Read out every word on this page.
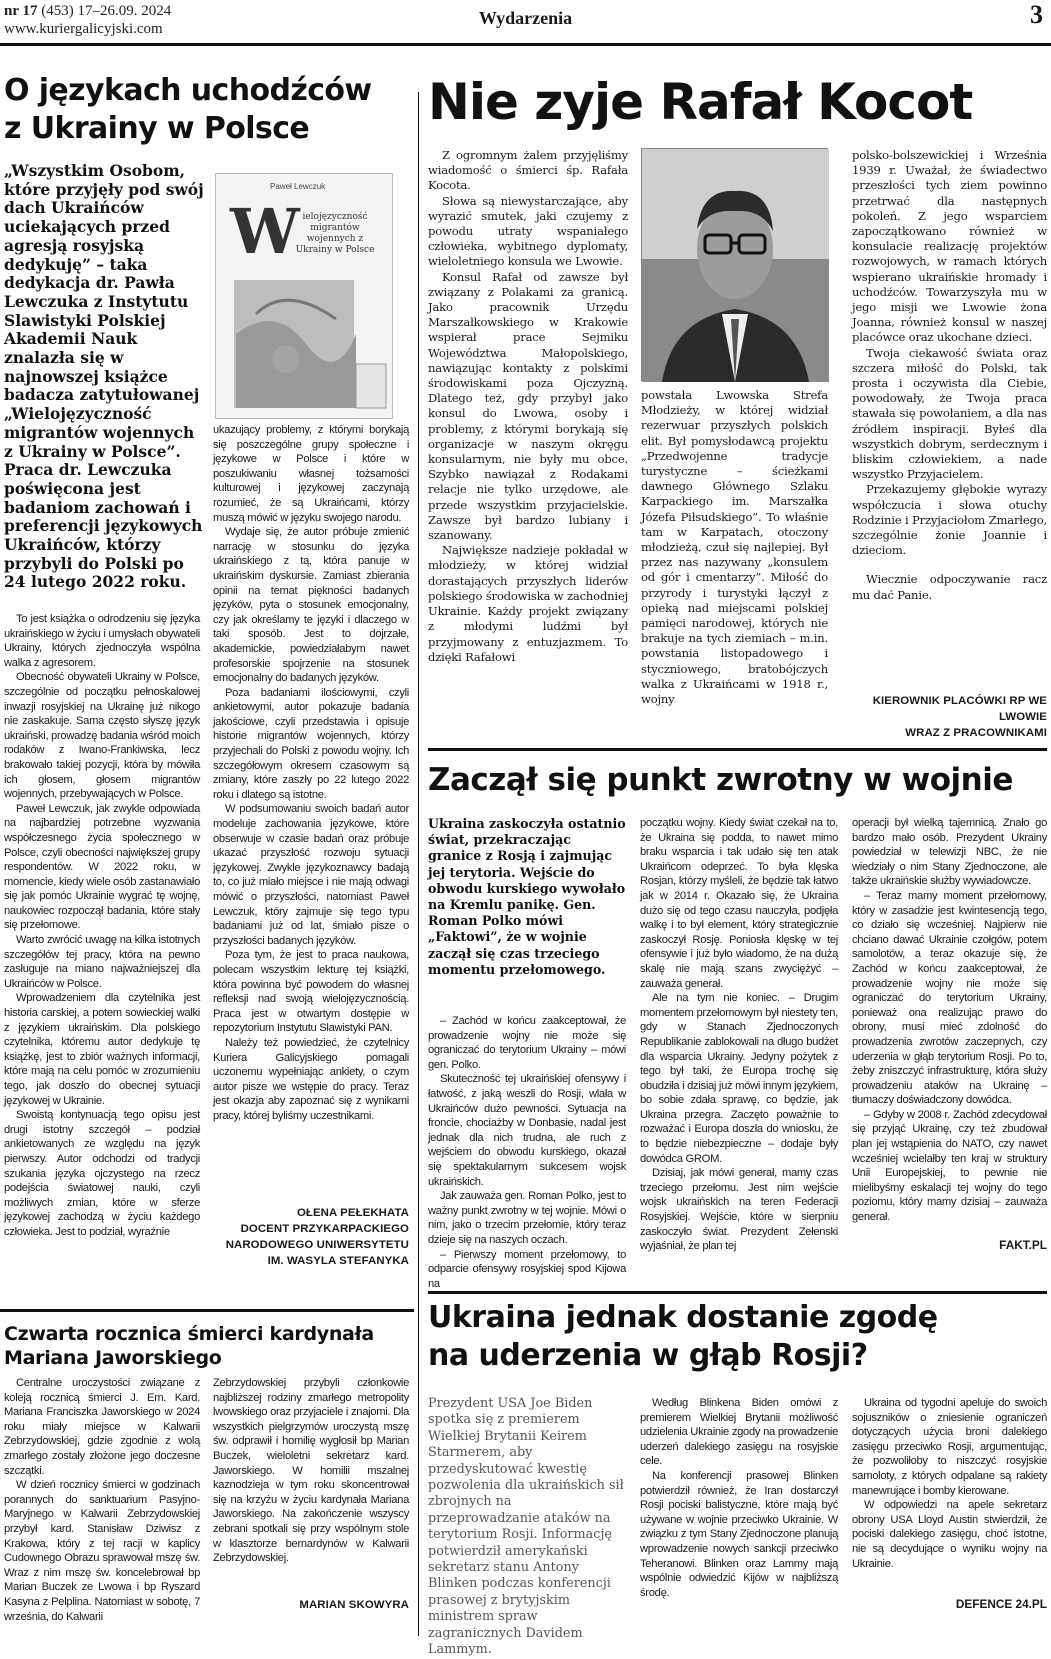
nr 17 (453) 17–26.09. 2024
www.kuriergalicyjski.com
Wydarzenia	3
O językach uchodźców
z Ukrainy w Polsce
„Wszystkim Osobom, które przyjęły pod swój dach Ukraińców uciekających przed agresją rosyjską dedykuję” – taka dedykacja dr. Pawła Lewczuka z Instytutu Slawistyki Polskiej Akademii Nauk znalazła się w najnowszej książce badacza zatytułowanej „Wielojęzyczność migrantów wojennych z Ukrainy w Polsce”. Praca dr. Lewczuka poświęcona jest badaniom zachowań i preferencji językowych Ukraińców, którzy przybyli do Polski po 24 lutego 2022 roku.
Paweł Lewczuk
W ielojęzyczność migrantów wojennych z Ukrainy w Polsce

To jest książka o odrodzeniu się języka ukraińskiego w życiu i umysłach obywateli Ukrainy, których zjednoczyła wspólna walka z agresorem.

Obecność obywateli Ukrainy w Polsce, szczególnie od początku pełnoskalowej inwazji rosyjskiej na Ukrainę już nikogo nie zaskakuje. Sama często słyszę język ukraiński, prowadzę badania wśród moich rodaków z Iwano-Frankiwska, lecz brakowało takiej pozycji, która by mówiła ich głosem, głosem migrantów wojennych, przebywających w Polsce.

Paweł Lewczuk, jak zwykle odpowiada na najbardziej potrzebne wyzwania współczesnego życia społecznego w Polsce, czyli obecności największej grupy respondentów. W 2022 roku, w momencie, kiedy wiele osób zastanawiało się jak pomóc Ukrainie wygrać tę wojnę, naukowiec rozpoczął badania, które stały się przełomowe.

Warto zwrócić uwagę na kilka istotnych szczegółów tej pracy, która na pewno zasługuje na miano najważniejszej dla Ukraińców w Polsce.

Wprowadzeniem dla czytelnika jest historia carskiej, a potem sowieckiej walki z językiem ukraińskim. Dla polskiego czytelnika, któremu autor dedykuje tę książkę, jest to zbiór ważnych informacji, które mają na celu pomóc w zrozumieniu tego, jak doszło do obecnej sytuacji językowej w Ukrainie.

Swoistą kontynuacją tego opisu jest drugi istotny szczegół – podział ankietowanych ze względu na język pierwszy. Autor odchodzi od tradycji szukania języka ojczystego na rzecz podejścia światowej nauki, czyli możliwych zmian, które w sferze językowej zachodzą w życiu każdego człowieka. Jest to podział, wyraźnie

ukazujący problemy, z którymi borykają się poszczególne grupy społeczne i językowe w Polsce i które w poszukiwaniu własnej tożsamości kulturowej i językowej zaczynają rozumieć, że są Ukraińcami, którzy muszą mówić w języku swojego narodu.

Wydaje się, że autor próbuje zmienić narrację w stosunku do języka ukraińskiego z tą, która panuje w ukraińskim dyskursie. Zamiast zbierania opinii na temat piękności badanych języków, pyta o stosunek emocjonalny, czy jak określamy te języki i dlaczego w taki sposób. Jest to dojrzałe, akademickie, powiedziałabym nawet profesorskie spojrzenie na stosunek emocjonalny do badanych języków.

Poza badaniami ilościowymi, czyli ankietowymi, autor pokazuje badania jakościowe, czyli przedstawia i opisuje historie migrantów wojennych, którzy przyjechali do Polski z powodu wojny. Ich szczegółowym okresem czasowym są zmiany, które zaszły po 22 lutego 2022 roku i dlatego są istotne.

W podsumowaniu swoich badań autor modeluje zachowania językowe, które obserwuje w czasie badań oraz próbuje ukazać przyszłość rozwoju sytuacji językowej. Zwykle językoznawcy badają to, co już miało miejsce i nie mają odwagi mówić o przyszłości, natomiast Paweł Lewczuk, który zajmuje się tego typu badaniami już od lat, śmiało pisze o przyszłości badanych języków.

Poza tym, że jest to praca naukowa, polecam wszystkim lekturę tej książki, która powinna być powodem do własnej refleksji nad swoją wielojęzycznością. Praca jest w otwartym dostępie w repozytorium Instytutu Slawistyki PAN.

Należy też powiedzieć, że czytelnicy Kuriera Galicyjskiego pomagali uczonemu wypełniając ankiety, o czym autor pisze we wstępie do pracy. Teraz jest okazja aby zapoznać się z wynikami pracy, której byliśmy uczestnikami.

OŁENA PEŁEKHATA
DOCENT PRZYKARPACKIEGO
NARODOWEGO UNIWERSYTETU
IM. WASYLA STEFANYKA
Czwarta rocznica śmierci kardynała
Mariana Jaworskiego

Centralne uroczystości związane z koleją rocznicą śmierci J. Em. Kard. Mariana Franciszka Jaworskiego w 2024 roku miały miejsce w Kalwarii Zebrzydowskiej, gdzie zgodnie z wolą zmarłego zostały złożone jego doczesne szczątki.

W dzień rocznicy śmierci w godzinach porannych do sanktuarium Pasyjno-Maryjnego w Kalwarii Zebrzydowskiej przybył kard. Stanisław Dziwisz z Krakowa, który z tej racji w kaplicy Cudownego Obrazu sprawował mszę św. Wraz z nim mszę św. koncelebrował bp Marian Buczek ze Lwowa i bp Ryszard Kasyna z Pelplina. Natomiast w sobotę, 7 września, do Kalwarii

Zebrzydowskiej przybyli członkowie najbliższej rodziny zmarłego metropolity lwowskiego oraz przyjaciele i znajomi. Dla wszystkich pielgrzymów uroczystą mszę św. odprawił i homilię wygłosił bp Marian Buczek, wieloletni sekretarz kard. Jaworskiego. W homilii mszalnej kaznodzieja w tym roku skoncentrował się na krzyżu w życiu kardynała Mariana Jaworskiego. Na zakończenie wszyscy zebrani spotkali się przy wspólnym stole w klasztorze bernardynów w Kalwarii Zebrzydowskiej.

MARIAN SKOWYRA
Nie zyje Rafał Kocot

Z ogromnym żalem przyjęliśmy wiadomość o śmierci śp. Rafała Kocota.

Słowa są niewystarczające, aby wyrazić smutek, jaki czujemy z powodu utraty wspaniałego człowieka, wybitnego dyplomaty, wieloletniego konsula we Lwowie.

Konsul Rafał od zawsze był związany z Polakami za granicą. Jako pracownik Urzędu Marszałkowskiego w Krakowie wspierał prace Sejmiku Województwa Małopolskiego, nawiązując kontakty z polskimi środowiskami poza Ojczyzną. Dlatego też, gdy przybył jako konsul do Lwowa, osoby i problemy, z którymi borykają się organizacje w naszym okręgu konsularnym, nie były mu obce. Szybko nawiązał z Rodakami relacje nie tylko urzędowe, ale przede wszystkim przyjacielskie. Zawsze był bardzo lubiany i szanowany.

Największe nadzieje pokładał w młodzieży, w której widział dorastających przyszłych liderów polskiego środowiska w zachodniej Ukrainie. Każdy projekt związany z młodymi ludźmi był przyjmowany z entuzjazmem. To dzięki Rafałowi

powstała Lwowska Strefa Młodzieży, w której widział rezerwuar przyszłych polskich elit. Był pomysłodawcą projektu „Przedwojenne tradycje turystyczne – ścieżkami dawnego Głównego Szlaku Karpackiego im. Marszałka Józefa Piłsudskiego”. To właśnie tam w Karpatach, otoczony młodzieżą, czuł się najlepiej. Był przez nas nazywany „konsulem od gór i cmentarzy”. Miłość do przyrody i turystyki łączył z opieką nad miejscami polskiej pamięci narodowej, których nie brakuje na tych ziemiach – m.in. powstania listopadowego i styczniowego, bratobójczych walka z Ukraińcami w 1918 r., wojny

polsko-bolszewickiej i Września 1939 r. Uważał, że świadectwo przeszłości tych ziem powinno przetrwać dla następnych pokoleń. Z jego wsparciem zapoczątkowano również w konsulacie realizację projektów rozwojowych, w ramach których wspierano ukraińskie hromady i uchodźców. Towarzyszyła mu w jego misji we Lwowie żona Joanna, również konsul w naszej placówce oraz ukochane dzieci.

Twoja ciekawość świata oraz szczera miłość do Polski, tak prosta i oczywista dla Ciebie, powodowały, że Twoja praca stawała się powołaniem, a dla nas źródłem inspiracji. Byłeś dla wszystkich dobrym, serdecznym i bliskim człowiekiem, a nade wszystko Przyjacielem.

Przekazujemy głębokie wyrazy współczucia i słowa otuchy Rodzinie i Przyjaciołom Zmarłego, szczególnie żonie Joannie i dzieciom.

Wiecznie odpoczywanie racz mu dać Panie.

KIEROWNIK PLACÓWKI RP WE LWOWIE
WRAZ Z PRACOWNIKAMI
Zaczął się punkt zwrotny w wojnie
Ukraina zaskoczyła ostatnio świat, przekraczając granice z Rosją i zajmując jej terytoria. Wejście do obwodu kurskiego wywołało na Kremlu panikę. Gen. Roman Polko mówi „Faktowi”, że w wojnie zaczął się czas trzeciego momentu przełomowego.

– Zachód w końcu zaakceptował, że prowadzenie wojny nie może się ograniczać do terytorium Ukrainy – mówi gen. Polko.

Skuteczność tej ukraińskiej ofensywy i łatwość, z jaką weszli do Rosji, wlała w Ukraińców dużo pewności. Sytuacja na froncie, chociażby w Donbasie, nadal jest jednak dla nich trudna, ale ruch z wejściem do obwodu kurskiego, okazał się spektakularnym sukcesem wojsk ukraińskich.

Jak zauważa gen. Roman Polko, jest to ważny punkt zwrotny w tej wojnie. Mówi o nim, jako o trzecim przełomie, który teraz dzieje się na naszych oczach.

– Pierwszy moment przełomowy, to odparcie ofensywy rosyjskiej spod Kijowa na

początku wojny. Kiedy świat czekał na to, że Ukraina się podda, to nawet mimo braku wsparcia i tak udało się ten atak Ukraińcom odeprzeć. To była klęska Rosjan, którzy myśleli, że będzie tak łatwo jak w 2014 r. Okazało się, że Ukraina dużo się od tego czasu nauczyła, podjęła walkę i to był element, który strategicznie zaskoczył Rosję. Poniosła klęskę w tej ofensywie i już było wiadomo, że na dużą skalę nie mają szans zwyciężyć – zauważa generał.

Ale na tym nie koniec. – Drugim momentem przełomowym był niestety ten, gdy w Stanach Zjednoczonych Republikanie zablokowali na długo budżet dla wsparcia Ukrainy. Jedyny pożytek z tego był taki, że Europa trochę się obudziła i dzisiaj już mówi innym językiem, bo sobie zdała sprawę, co będzie, jak Ukraina przegra. Zaczęto poważnie to rozważać i Europa doszła do wniosku, że to będzie niebezpieczne – dodaje były dowódca GROM.

Dzisiaj, jak mówi generał, mamy czas trzeciego przełomu. Jest nim wejście wojsk ukraińskich na teren Federacji Rosyjskiej. Wejście, które w sierpniu zaskoczyło świat. Prezydent Zełenski wyjaśniał, że plan tej

operacji był wielką tajemnicą. Znało go bardzo mało osób. Prezydent Ukrainy powiedział w telewizji NBC, że nie wiedziały o nim Stany Zjednoczone, ale także ukraińskie służby wywiadowcze.

– Teraz mamy moment przełomowy, który w zasadzie jest kwintesencją tego, co działo się wcześniej. Najpierw nie chciano dawać Ukrainie czołgów, potem samolotów, a teraz okazuje się, że Zachód w końcu zaakceptował, że prowadzenie wojny nie może się ograniczać do terytorium Ukrainy, ponieważ ona realizując prawo do obrony, musi mieć zdolność do prowadzenia zwrotów zaczepnych, czy uderzenia w głąb terytorium Rosji. Po to, żeby zniszczyć infrastrukturę, która służy prowadzeniu ataków na Ukrainę – tłumaczy doświadczony dowódca.

– Gdyby w 2008 r. Zachód zdecydował się przyjąć Ukrainę, czy też zbudował plan jej wstąpienia do NATO, czy nawet wcześniej wcielałby ten kraj w struktury Unii Europejskiej, to pewnie nie mielibyśmy eskalacji tej wojny do tego poziomu, który mamy dzisiaj – zauważa generał.

FAKT.PL
Ukraina jednak dostanie zgodę
na uderzenia w głąb Rosji?
Prezydent USA Joe Biden spotka się z premierem Wielkiej Brytanii Keirem Starmerem, aby przedyskutować kwestię pozwolenia dla ukraińskich sił zbrojnych na przeprowadzanie ataków na terytorium Rosji. Informację potwierdził amerykański sekretarz stanu Antony Blinken podczas konferencji prasowej z brytyjskim ministrem spraw zagranicznych Davidem Lammym.

Według Blinkena Biden omówi z premierem Wielkiej Brytanii możliwość udzielenia Ukrainie zgody na prowadzenie uderzeń dalekiego zasięgu na rosyjskie cele.

Na konferencji prasowej Blinken potwierdził również, że Iran dostarczył Rosji pociski balistyczne, które mają być używane w wojnie przeciwko Ukrainie. W związku z tym Stany Zjednoczone planują wprowadzenie nowych sankcji przeciwko Teheranowi. Blinken oraz Lammy mają wspólnie odwiedzić Kijów w najbliższą środę.

Ukraina od tygodni apeluje do swoich sojuszników o zniesienie ograniczeń dotyczących użycia broni dalekiego zasięgu przeciwko Rosji, argumentując, że pozwoliłoby to niszczyć rosyjskie samoloty, z których odpalane są rakiety manewrujące i bomby kierowane.

W odpowiedzi na apele sekretarz obrony USA Lloyd Austin stwierdził, że pociski dalekiego zasięgu, choć istotne, nie są decydujące o wyniku wojny na Ukrainie.

DEFENCE 24.PL
